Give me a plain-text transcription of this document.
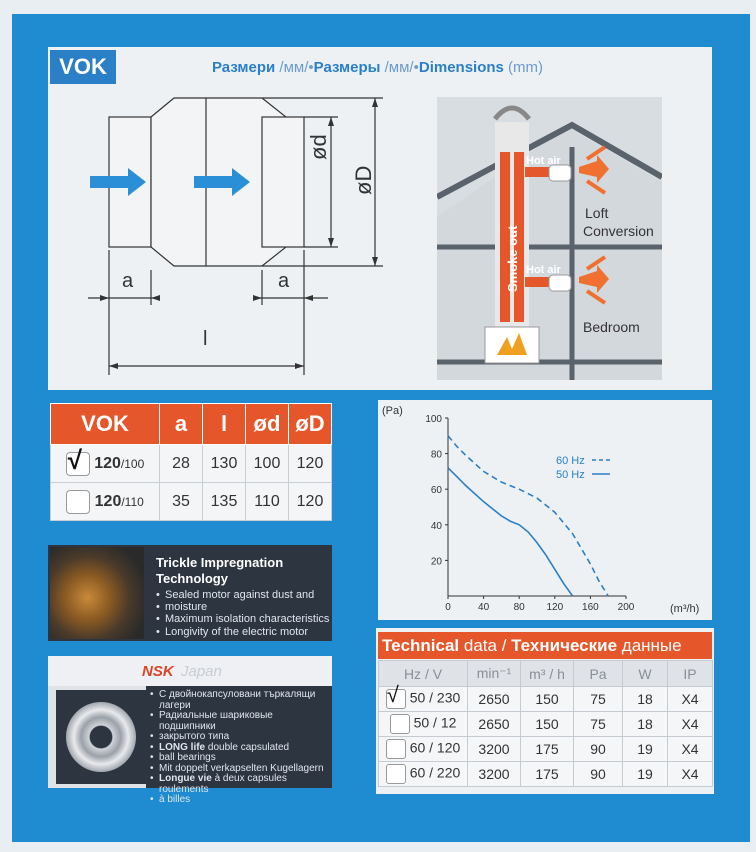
VOK	Размери /мм/•Размеры /мм/•Dimensions (mm)
ød
øD
a	a
l
Smoke out
Hot air
Hot air
Loft
Conversion
Bedroom
VOK	a	l	ød	øD

√ 120/100	28	130	100	120
120/110	35	135	110	120
20
40
60
80
100
0	40 80 120 160 200
(Pa)
(m³/h)
60 Hz
50 Hz
Trickle Impregnation
Technology
• Sealed motor against dust and
• moisture
• Maximum isolation characteristics
• Longivity of the electric motor
NSK Japan
• С двойнокапсуловани търкалящи лагери
• Радиальные шариковые подшипники
• закрытого типа
• LONG life double capsulated
• ball bearings
• Mit doppelt verkapselten Kugellagern
• Longue vie à deux capsules roulements
• à billes
Technical data / Технические данные
Hz / V	min⁻¹	m³ / h	Pa	W	IP

√ 50 / 230	2650	150	75	18	X4
50 / 12	2650	150	75	18	X4
60 / 120	3200	175	90	19	X4
60 / 220	3200	175	90	19	X4
